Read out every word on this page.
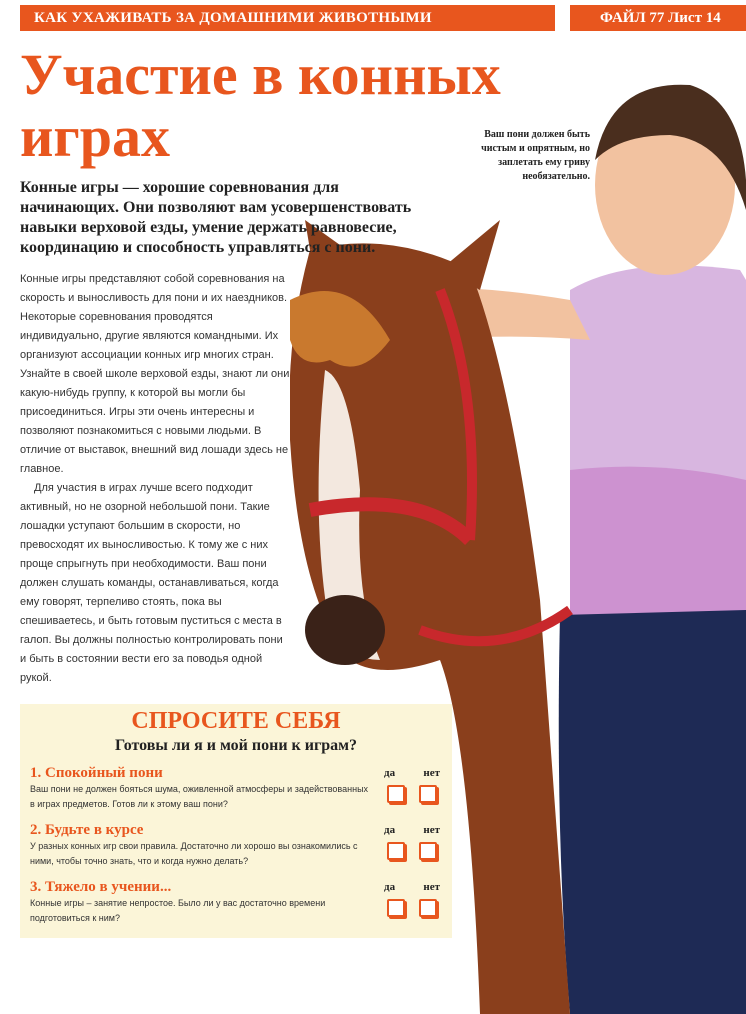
КАК УХАЖИВАТЬ ЗА ДОМАШНИМИ ЖИВОТНЫМИ	ФАЙЛ 77 Лист 14
Участие в конных играх
Конные игры — хорошие соревнования для начинающих. Они позволяют вам усовершенствовать навыки верховой езды, умение держать равновесие, координацию и способность управляться с пони.

Конные игры представляют собой соревнования на скорость и выносливость для пони и их наездников. Некоторые соревнования проводятся индивидуально, другие являются командными. Их организуют ассоциации конных игр многих стран. Узнайте в своей школе верховой езды, знают ли они какую-нибудь группу, к которой вы могли бы присоединиться. Игры эти очень интересны и позволяют познакомиться с новыми людьми. В отличие от выставок, внешний вид лошади здесь не главное.

Для участия в играх лучше всего подходит активный, но не озорной небольшой пони. Такие лошадки уступают большим в скорости, но превосходят их выносливостью. К тому же с них проще спрыгнуть при необходимости. Ваш пони должен слушать команды, останавливаться, когда ему говорят, терпеливо стоять, пока вы спешиваетесь, и быть готовым пуститься с места в галоп. Вы должны полностью контролировать пони и быть в состоянии вести его за поводья одной рукой.

СПРОСИТЕ СЕБЯ
Готовы ли я и мой пони к играм?
1. Спокойный пони
Ваш пони не должен бояться шума, оживленной атмосферы и задействованных в играх предметов. Готов ли к этому ваш пони?
да	нет
2. Будьте в курсе
У разных конных игр свои правила. Достаточно ли хорошо вы ознакомились с ними, чтобы точно знать, что и когда нужно делать?
да	нет
3. Тяжело в учении...
Конные игры – занятие непростое. Было ли у вас достаточно времени подготовиться к ним?
да	нет
Ваш пони должен быть чистым и опрятным, но заплетать ему гриву необязательно.
